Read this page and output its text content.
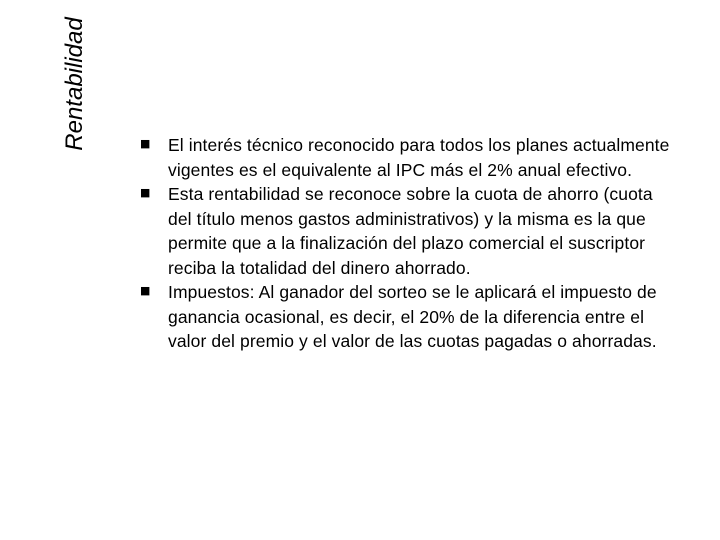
Rentabilidad	■ El interés técnico reconocido para todos los planes actualmente vigentes es el equivalente al IPC más el 2% anual efectivo.
■ Esta rentabilidad se reconoce sobre la cuota de ahorro (cuota del título menos gastos administrativos) y la misma es la que permite que a la finalización del plazo comercial el suscriptor reciba la totalidad del dinero ahorrado.
■ Impuestos: Al ganador del sorteo se le aplicará el impuesto de ganancia ocasional, es decir, el 20% de la diferencia entre el valor del premio y el valor de las cuotas pagadas o ahorradas.
